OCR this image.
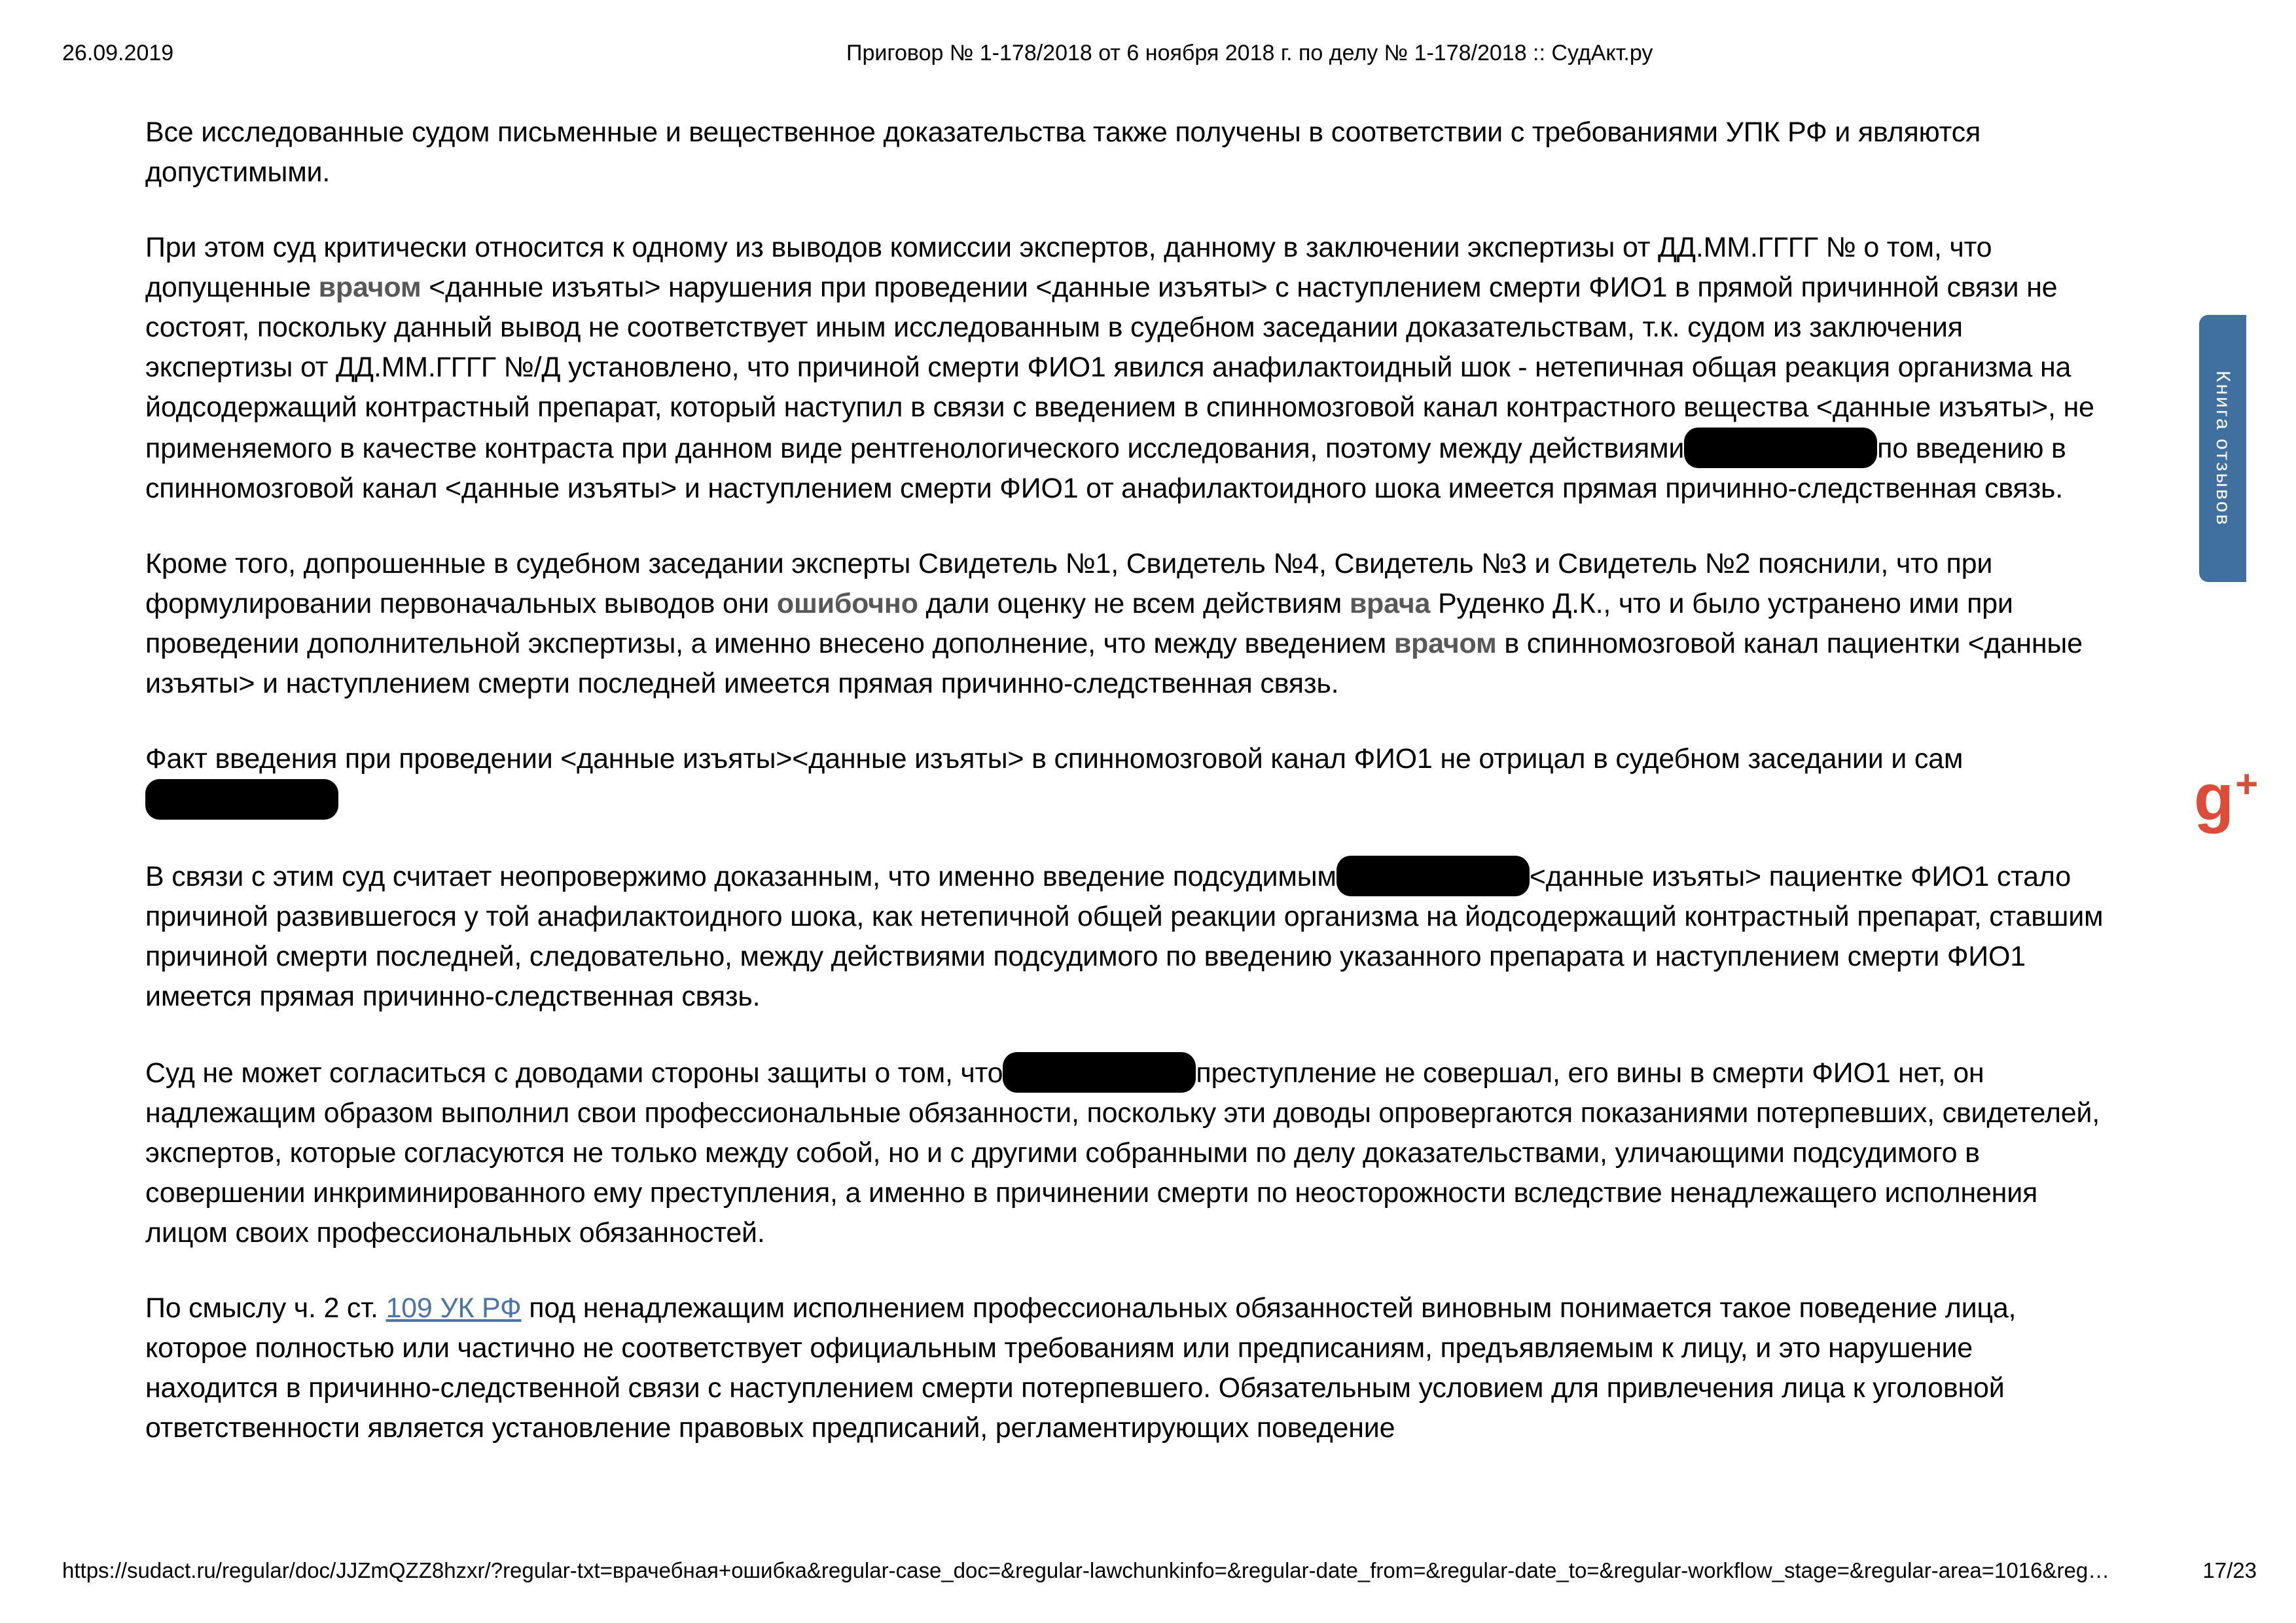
26.09.2019	Приговор № 1-178/2018 от 6 ноября 2018 г. по делу № 1-178/2018 :: СудАкт.ру

Все исследованные судом письменные и вещественное доказательства также получены в соответствии с требованиями УПК РФ и являются допустимыми.

При этом суд критически относится к одному из выводов комиссии экспертов, данному в заключении экспертизы от ДД.ММ.ГГГГ № о том, что допущенные врачом <данные изъяты> нарушения при проведении <данные изъяты> с наступлением смерти ФИО1 в прямой причинной связи не состоят, поскольку данный вывод не соответствует иным исследованным в судебном заседании доказательствам, т.к. судом из заключения экспертизы от ДД.ММ.ГГГГ №/Д установлено, что причиной смерти ФИО1 явился анафилактоидный шок - нетепичная общая реакция организма на йодсодержащий контрастный препарат, который наступил в связи с введением в спинномозговой канал контрастного вещества <данные изъяты>, не применяемого в качестве контраста при данном виде рентгенологического исследования, поэтому между действиями	по введению в спинномозговой канал <данные изъяты> и наступлением смерти ФИО1 от анафилактоидного шока имеется прямая причинно-следственная связь.

Кроме того, допрошенные в судебном заседании эксперты Свидетель №1, Свидетель №4, Свидетель №3 и Свидетель №2 пояснили, что при формулировании первоначальных выводов они ошибочно дали оценку не всем действиям врача Руденко Д.К., что и было устранено ими при проведении дополнительной экспертизы, а именно внесено дополнение, что между введением врачом в спинномозговой канал пациентки <данные изъяты> и наступлением смерти последней имеется прямая причинно-следственная связь.

Факт введения при проведении <данные изъяты><данные изъяты> в спинномозговой канал ФИО1 не отрицал в судебном заседании и сам

В связи с этим суд считает неопровержимо доказанным, что именно введение подсудимым	<данные изъяты> пациентке ФИО1 стало причиной развившегося у той анафилактоидного шока, как нетепичной общей реакции организма на йодсодержащий контрастный препарат, ставшим причиной смерти последней, следовательно, между действиями подсудимого по введению указанного препарата и наступлением смерти ФИО1 имеется прямая причинно-следственная связь.

Суд не может согласиться с доводами стороны защиты о том, что	преступление не совершал, его вины в смерти ФИО1 нет, он надлежащим образом выполнил свои профессиональные обязанности, поскольку эти доводы опровергаются показаниями потерпевших, свидетелей, экспертов, которые согласуются не только между собой, но и с другими собранными по делу доказательствами, уличающими подсудимого в совершении инкриминированного ему преступления, а именно в причинении смерти по неосторожности вследствие ненадлежащего исполнения лицом своих профессиональных обязанностей.

По смыслу ч. 2 ст. 109 УК РФ под ненадлежащим исполнением профессиональных обязанностей виновным понимается такое поведение лица, которое полностью или частично не соответствует официальным требованиям или предписаниям, предъявляемым к лицу, и это нарушение находится в причинно-следственной связи с наступлением смерти потерпевшего. Обязательным условием для привлечения лица к уголовной ответственности является установление правовых предписаний, регламентирующих поведение

Книга отзывов
g+
https://sudact.ru/regular/doc/JJZmQZZ8hzxr/?regular-txt=врачебная+ошибка&regular-case_doc=&regular-lawchunkinfo=&regular-date_from=&regular-date_to=&regular-workflow_stage=&regular-area=1016&reg…	17/23
